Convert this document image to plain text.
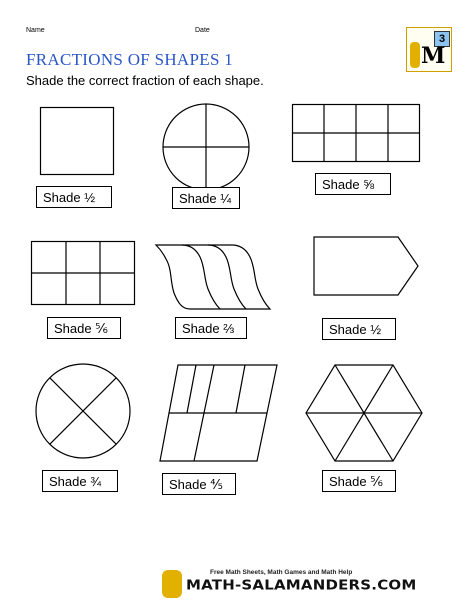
Name	Date
3
M
FRACTIONS OF SHAPES 1
Shade the correct fraction of each shape.
Shade ½	Shade ¼
Shade ⅝
Shade ⅚	Shade ⅔	Shade ½
Shade ¾	Shade ⅘	Shade ⅚
Free Math Sheets, Math Games and Math Help
MATH-SALAMANDERS.COM
